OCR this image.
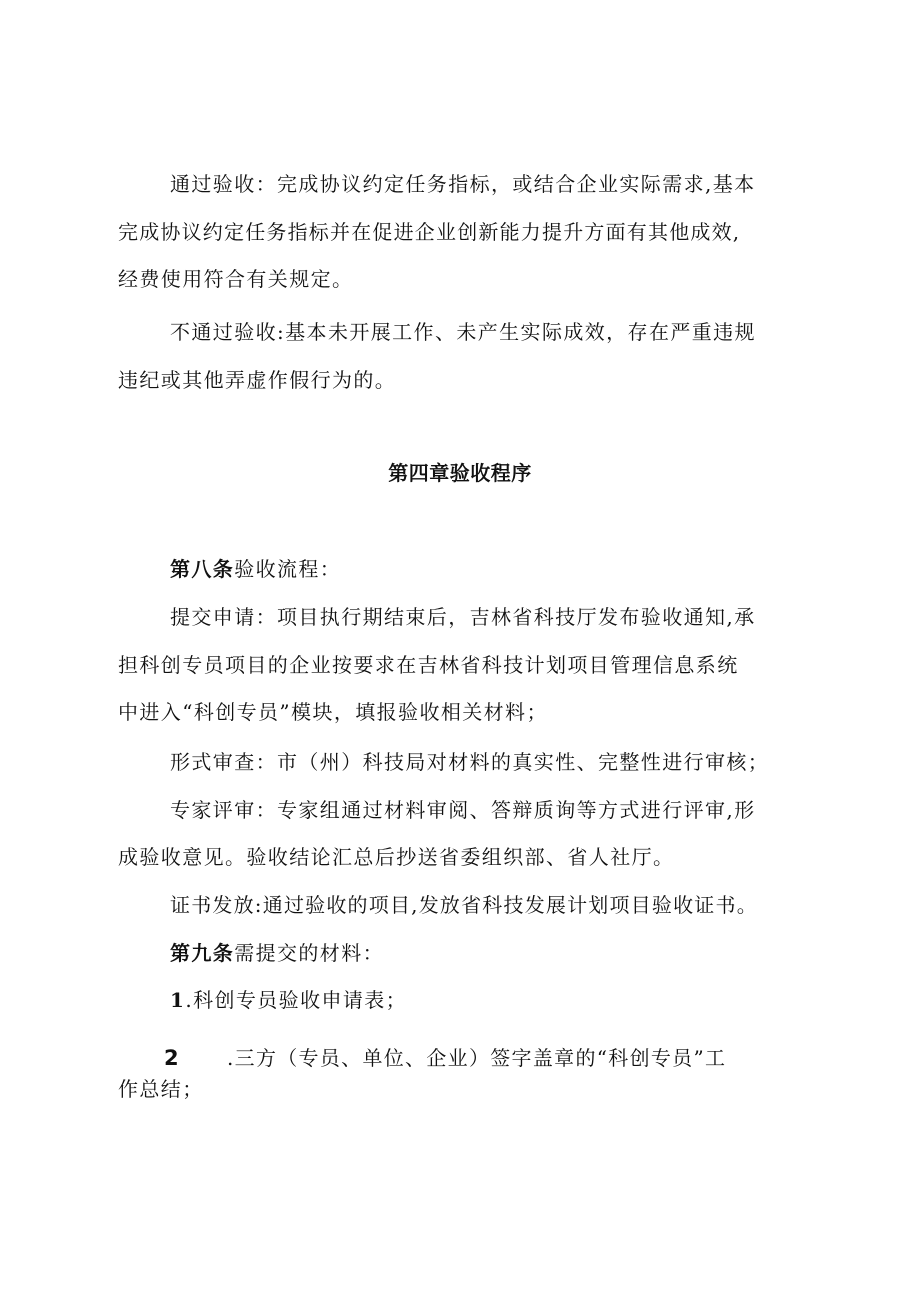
通过验收：完成协议约定任务指标，或结合企业实际需求,基本
完成协议约定任务指标并在促进企业创新能力提升方面有其他成效,
经费使用符合有关规定。
不通过验收:基本未开展工作、未产生实际成效，存在严重违规
违纪或其他弄虚作假行为的。
第四章验收程序
第八条验收流程：
提交申请：项目执行期结束后，吉林省科技厅发布验收通知,承
担科创专员项目的企业按要求在吉林省科技计划项目管理信息系统
中进入“科创专员”模块，填报验收相关材料；
形式审查：市（州）科技局对材料的真实性、完整性进行审核；
专家评审：专家组通过材料审阅、答辩质询等方式进行评审,形
成验收意见。验收结论汇总后抄送省委组织部、省人社厅。
证书发放:通过验收的项目,发放省科技发展计划项目验收证书。
第九条需提交的材料：
1.科创专员验收申请表；
2 .三方（专员、单位、企业）签字盖章的“科创专员”工
作总结；
